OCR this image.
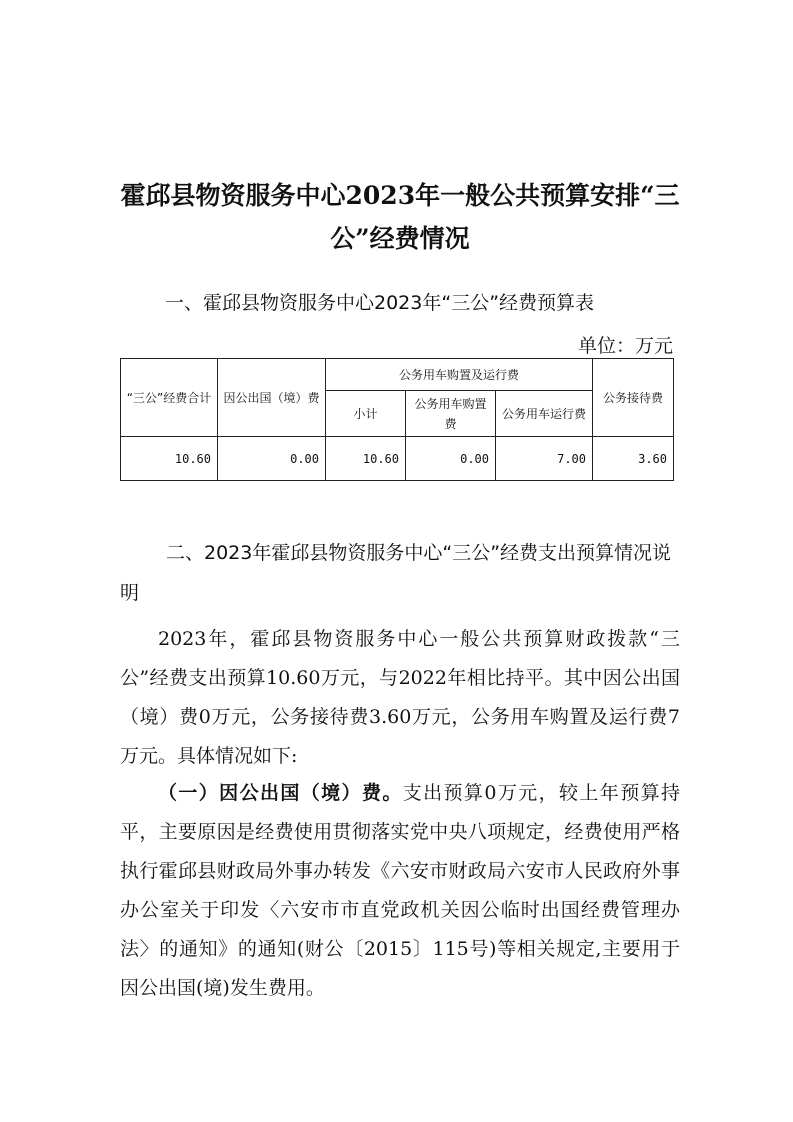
霍邱县物资服务中心2023年一般公共预算安排“三公”经费情况
一、霍邱县物资服务中心2023年“三公”经费预算表
单位：万元
“三公”经费合计	因公出国（境）费	公务用车购置及运行费			公务接待费
		小计	公务用车购置费	公务用车运行费	
10.60	0.00	10.60	0.00	7.00	3.60
二、2023年霍邱县物资服务中心“三公”经费支出预算情况说明
2023年，霍邱县物资服务中心一般公共预算财政拨款“三公”经费支出预算10.60万元，与2022年相比持平。其中因公出国（境）费0万元，公务接待费3.60万元，公务用车购置及运行费7万元。具体情况如下:
（一）因公出国（境）费。支出预算0万元，较上年预算持平，主要原因是经费使用贯彻落实党中央八项规定，经费使用严格执行霍邱县财政局外事办转发《六安市财政局六安市人民政府外事办公室关于印发〈六安市市直党政机关因公临时出国经费管理办法〉的通知》的通知(财公〔2015〕115号)等相关规定,主要用于因公出国(境)发生费用。
